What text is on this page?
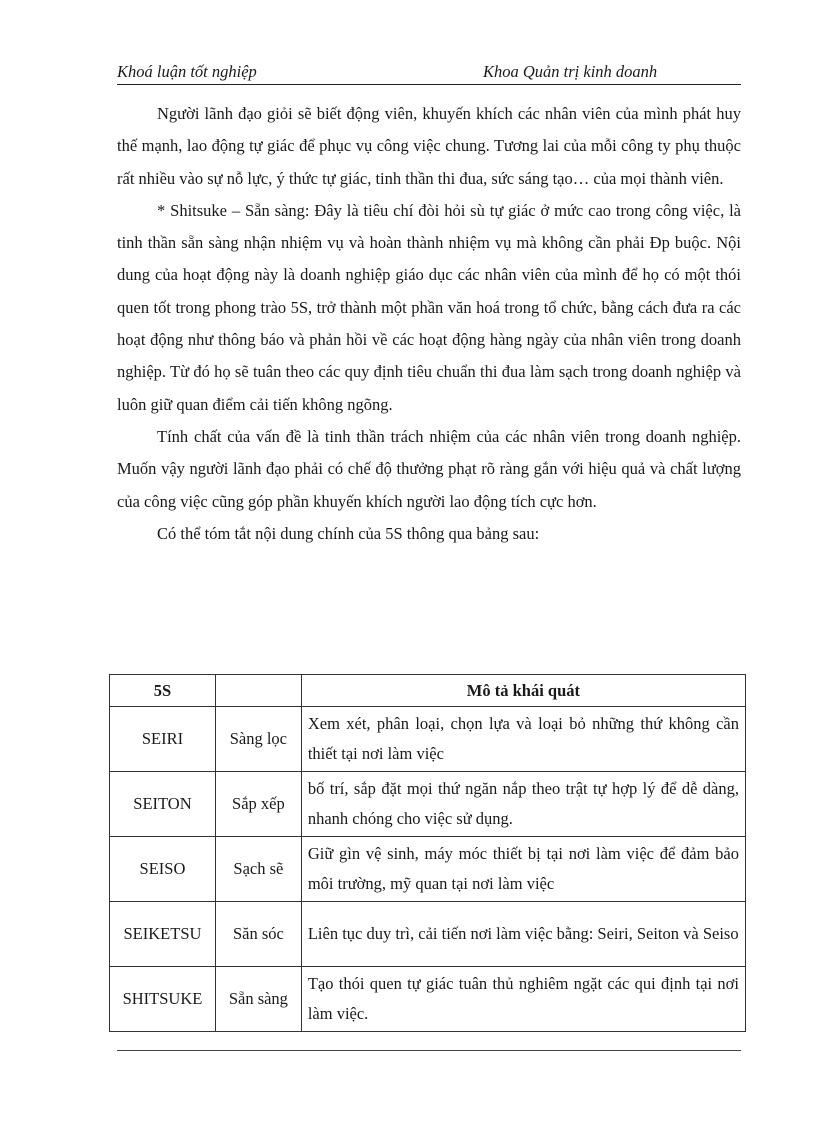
Khoá luận tốt nghiệp	Khoa Quản trị kinh doanh

Người lãnh đạo giỏi sẽ biết động viên, khuyến khích các nhân viên của mình phát huy thế mạnh, lao động tự giác để phục vụ công việc chung. Tương lai của mỗi công ty phụ thuộc rất nhiều vào sự nỗ lực, ý thức tự giác, tinh thần thi đua, sức sáng tạo… của mọi thành viên.

* Shitsuke – Sẵn sàng: Đây là tiêu chí đòi hỏi sù tự giác ở mức cao trong công việc, là tinh thần sẵn sàng nhận nhiệm vụ và hoàn thành nhiệm vụ mà không cần phải Ðp buộc. Nội dung của hoạt động này là doanh nghiệp giáo dục các nhân viên của mình để họ có một thói quen tốt trong phong trào 5S, trở thành một phần văn hoá trong tổ chức, bằng cách đưa ra các hoạt động như thông báo và phản hồi về các hoạt động hàng ngày của nhân viên trong doanh nghiệp. Từ đó họ sẽ tuân theo các quy định tiêu chuẩn thi đua làm sạch trong doanh nghiệp và luôn giữ quan điểm cải tiến không ngõng.

Tính chất của vấn đề là tinh thần trách nhiệm của các nhân viên trong doanh nghiệp. Muốn vậy người lãnh đạo phải có chế độ thưởng phạt rõ ràng gắn với hiệu quả và chất lượng của công việc cũng góp phần khuyến khích người lao động tích cực hơn.

Có thể tóm tắt nội dung chính của 5S thông qua bảng sau:

5S		Mô tả khái quát
SEIRI	Sàng lọc	Xem xét, phân loại, chọn lựa và loại bỏ những thứ không cần thiết tại nơi làm việc
SEITON	Sắp xếp	bố trí, sắp đặt mọi thứ ngăn nắp theo trật tự hợp lý để dễ dàng, nhanh chóng cho việc sử dụng.
SEISO	Sạch sẽ	Giữ gìn vệ sinh, máy móc thiết bị tại nơi làm việc để đảm bảo môi trường, mỹ quan tại nơi làm việc
SEIKETSU	Săn sóc	Liên tục duy trì, cải tiến nơi làm việc bằng: Seiri, Seiton và Seiso
SHITSUKE	Sẵn sàng	Tạo thói quen tự giác tuân thủ nghiêm ngặt các qui định tại nơi làm việc.
